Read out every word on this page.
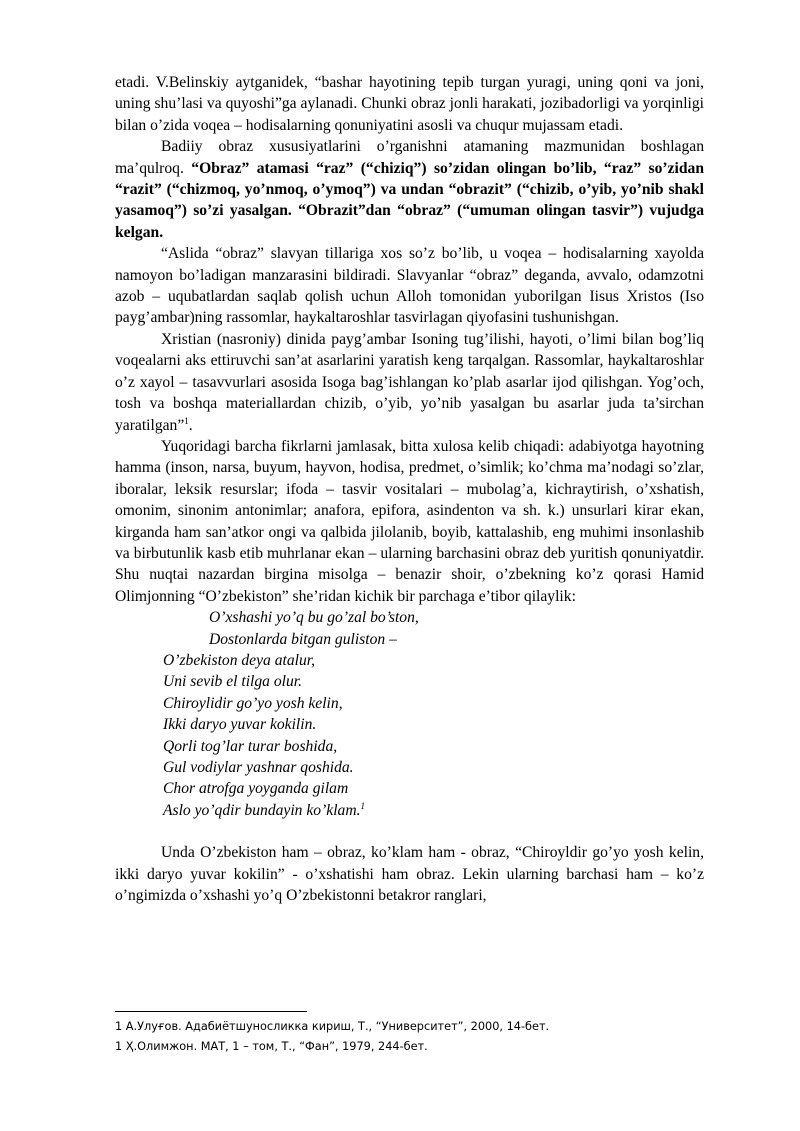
etadi. V.Belinskiy aytganidek, “bashar hayotining tepib turgan yuragi, uning qoni va joni, uning shu’lasi va quyoshi”ga aylanadi. Chunki obraz jonli harakati, jozibadorligi va yorqinligi bilan o’zida voqea – hodisalarning qonuniyatini asosli va chuqur mujassam etadi.

Badiiy obraz xususiyatlarini o’rganishni atamaning mazmunidan boshlagan ma’qulroq. “Obraz” atamasi “raz” (“chiziq”) so’zidan olingan bo’lib, “raz” so’zidan “razit” (“chizmoq, yo’nmoq, o’ymoq”) va undan “obrazit” (“chizib, o’yib, yo’nib shakl yasamoq”) so’zi yasalgan. “Obrazit”dan “obraz” (“umuman olingan tasvir”) vujudga kelgan.

“Aslida “obraz” slavyan tillariga xos so’z bo’lib, u voqea – hodisalarning xayolda namoyon bo’ladigan manzarasini bildiradi. Slavyanlar “obraz” deganda, avvalo, odamzotni azob – uqubatlardan saqlab qolish uchun Alloh tomonidan yuborilgan Iisus Xristos (Iso payg’ambar)ning rassomlar, haykaltaroshlar tasvirlagan qiyofasini tushunishgan.

Xristian (nasroniy) dinida payg’ambar Isoning tug’ilishi, hayoti, o’limi bilan bog’liq voqealarni aks ettiruvchi san’at asarlarini yaratish keng tarqalgan. Rassomlar, haykaltaroshlar o’z xayol – tasavvurlari asosida Isoga bag’ishlangan ko’plab asarlar ijod qilishgan. Yog’och, tosh va boshqa materiallardan chizib, o’yib, yo’nib yasalgan bu asarlar juda ta’sirchan yaratilgan”$^1$.

Yuqoridagi barcha fikrlarni jamlasak, bitta xulosa kelib chiqadi: adabiyotga hayotning hamma (inson, narsa, buyum, hayvon, hodisa, predmet, o’simlik; ko’chma ma’nodagi so’zlar, iboralar, leksik resurslar; ifoda – tasvir vositalari – mubolag’a, kichraytirish, o’xshatish, omonim, sinonim antonimlar; anafora, epifora, asindenton va sh. k.) unsurlari kirar ekan, kirganda ham san’atkor ongi va qalbida jilolanib, boyib, kattalashib, eng muhimi insonlashib va birbutunlik kasb etib muhrlanar ekan – ularning barchasini obraz deb yuritish qonuniyatdir. Shu nuqtai nazardan birgina misolga – benazir shoir, o’zbekning ko’z qorasi Hamid Olimjonning “O’zbekiston” she’ridan kichik bir parchaga e’tibor qilaylik:

O’xshashi yo’q bu go’zal bo’ston,
Dostonlarda bitgan guliston –
O’zbekiston deya atalur,
Uni sevib el tilga olur.
Chiroylidir go’yo yosh kelin,
Ikki daryo yuvar kokilin.
Qorli tog’lar turar boshida,
Gul vodiylar yashnar qoshida.
Chor atrofga yoyganda gilam
Aslo yo’qdir bundayin ko’klam.$^1$

Unda O’zbekiston ham – obraz, ko’klam ham - obraz, “Chiroyldir go’yo yosh kelin, ikki daryo yuvar kokilin” - o’xshatishi ham obraz. Lekin ularning barchasi ham – ko’z o’ngimizda o’xshashi yo’q O’zbekistonni betakror ranglari,

1 А.Улуғов. Адабиётшуносликка кириш, Т., “Университет”, 2000, 14-бет.
1 Ҳ.Олимжон. МАТ, 1 – том, Т., “Фан”, 1979, 244-бет.
